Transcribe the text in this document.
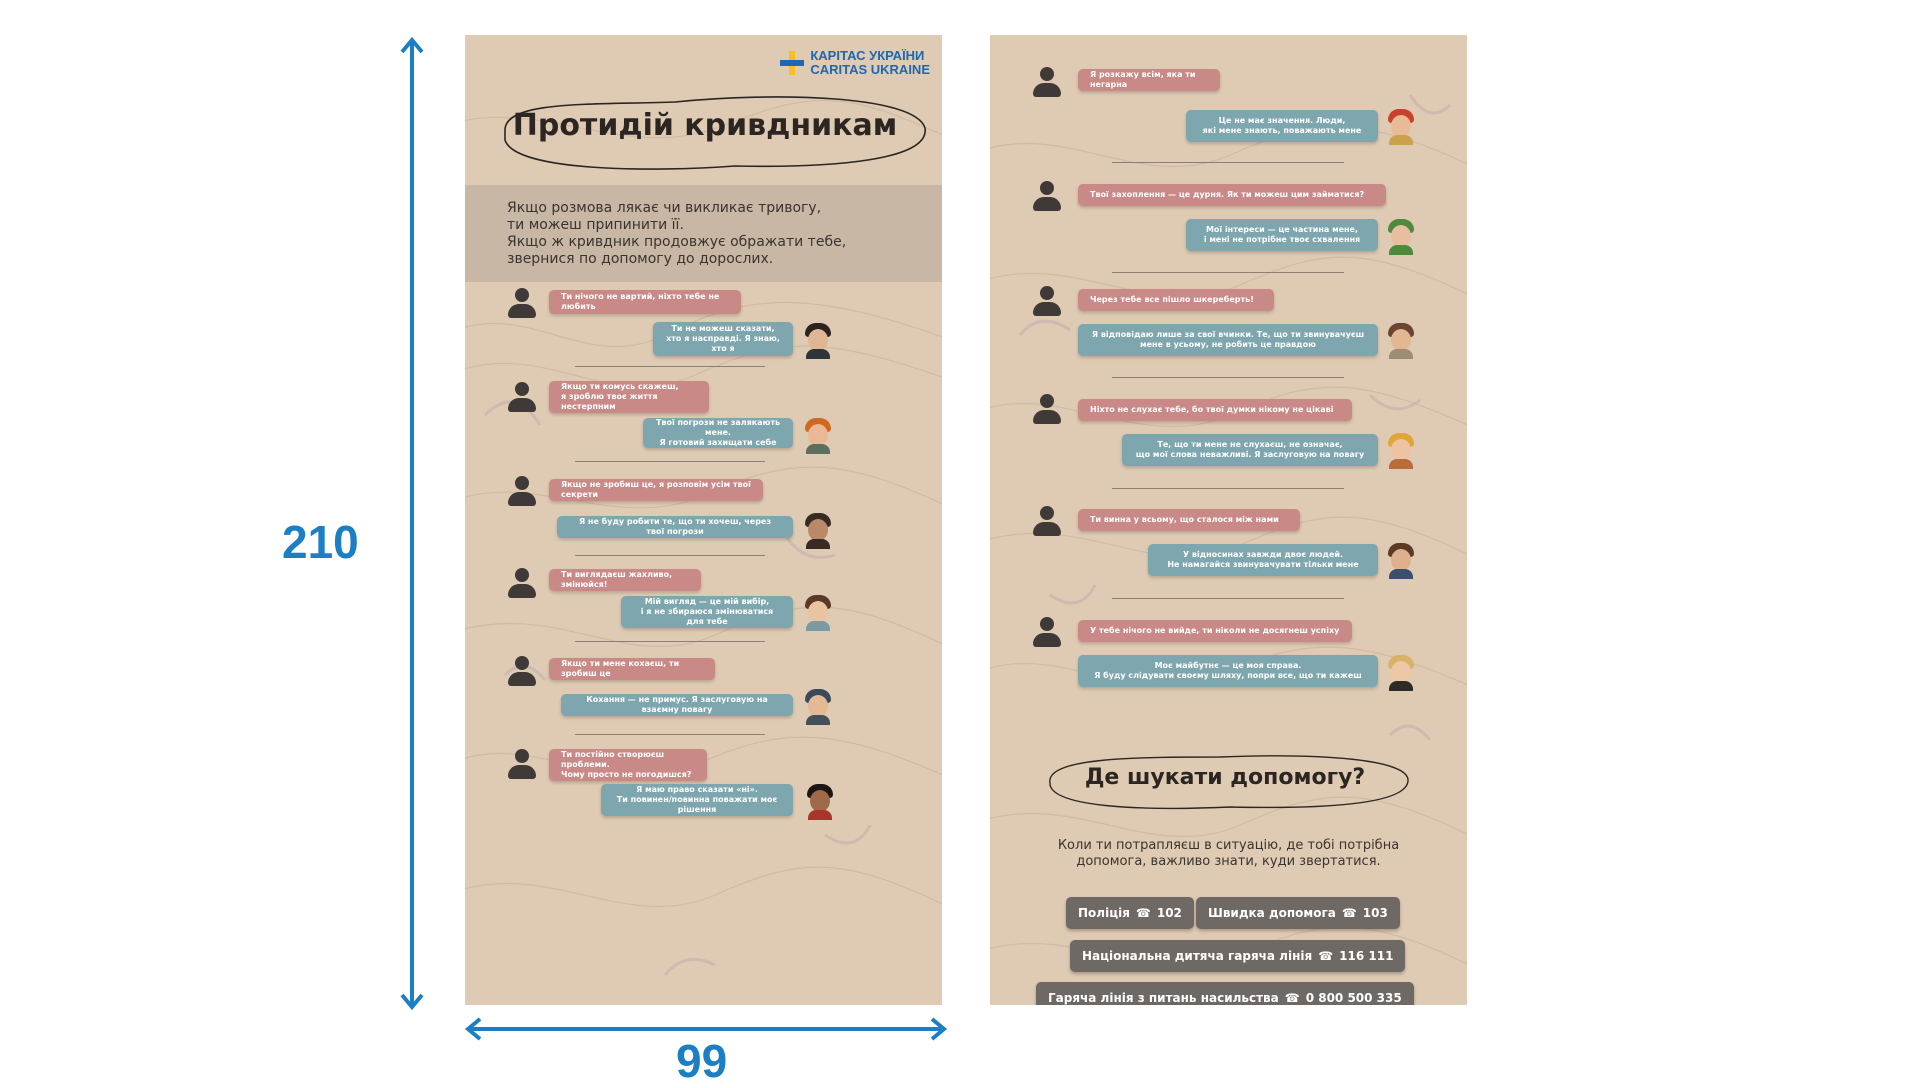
210
99
КАРІТАС УКРАЇНИ
CARITAS UKRAINE
Протидій кривдникам
Якщо розмова лякає чи викликає тривогу,
ти можеш припинити її.
Якщо ж кривдник продовжує ображати тебе,
звернися по допомогу до дорослих.
Ти нічого не вартий, ніхто тебе не любить
Ти не можеш сказати,
хто я насправді. Я знаю, хто я
Якщо ти комусь скажеш,
я зроблю твоє життя нестерпним
Твої погрози не залякають мене.
Я готовий захищати себе
Якщо не зробиш це, я розповім усім твої секрети
Я не буду робити те, що ти хочеш, через твої погрози
Ти виглядаєш жахливо, змінюйся!
Мій вигляд — це мій вибір,
і я не збираюся змінюватися для тебе
Якщо ти мене кохаєш, ти зробиш це
Кохання — не примус. Я заслуговую на взаємну повагу
Ти постійно створюєш проблеми.
Чому просто не погодишся?
Я маю право сказати «ні».
Ти повинен/повинна поважати моє рішення
Я розкажу всім, яка ти негарна
Це не має значення. Люди,
які мене знають, поважають мене
Твої захоплення — це дурня. Як ти можеш цим займатися?
Мої інтереси — це частина мене,
і мені не потрібне твоє схвалення
Через тебе все пішло шкереберть!
Я відповідаю лише за свої вчинки. Те, що ти звинувачуєш
мене в усьому, не робить це правдою
Ніхто не слухає тебе, бо твої думки нікому не цікаві
Те, що ти мене не слухаєш, не означає,
що мої слова неважливі. Я заслуговую на повагу
Ти винна у всьому, що сталося між нами
У відносинах завжди двоє людей.
Не намагайся звинувачувати тільки мене
У тебе нічого не вийде, ти ніколи не досягнеш успіху
Моє майбутнє — це моя справа.
Я буду слідувати своєму шляху, попри все, що ти кажеш
Де шукати допомогу?
Коли ти потрапляєш в ситуацію, де тобі потрібна
допомога, важливо знати, куди звертатися.
Поліція ☎ 102 Швидка допомога ☎ 103
Національна дитяча гаряча лінія ☎ 116 111
Гаряча лінія з питань насильства ☎ 0 800 500 335
